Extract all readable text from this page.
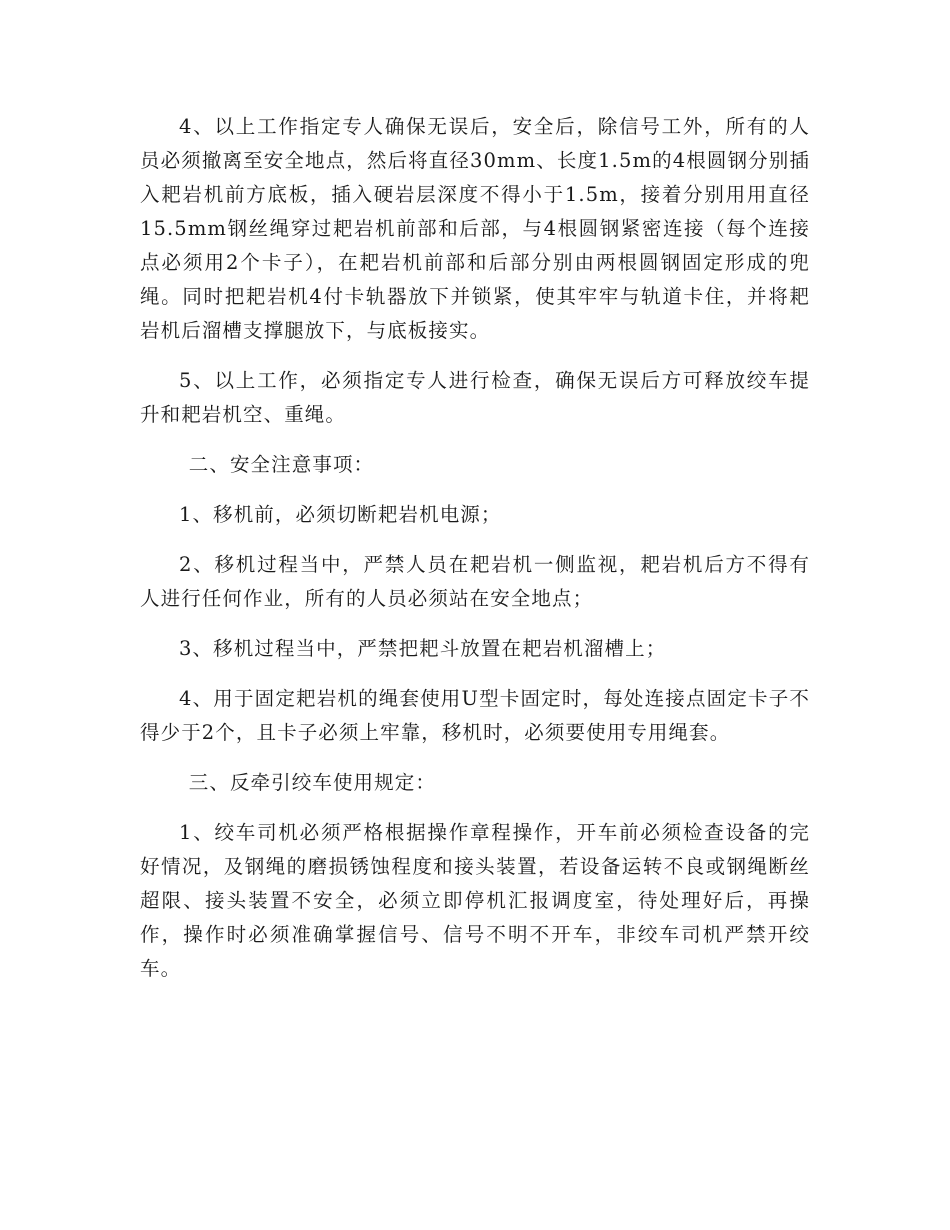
4、以上工作指定专人确保无误后，安全后，除信号工外，所有的人员必须撤离至安全地点，然后将直径30mm、长度1.5m的4根圆钢分别插入耙岩机前方底板，插入硬岩层深度不得小于1.5m，接着分别用用直径15.5mm钢丝绳穿过耙岩机前部和后部，与4根圆钢紧密连接（每个连接点必须用2个卡子），在耙岩机前部和后部分别由两根圆钢固定形成的兜绳。同时把耙岩机4付卡轨器放下并锁紧，使其牢牢与轨道卡住，并将耙岩机后溜槽支撑腿放下，与底板接实。

5、以上工作，必须指定专人进行检查，确保无误后方可释放绞车提升和耙岩机空、重绳。

二、安全注意事项：

1、移机前，必须切断耙岩机电源；

2、移机过程当中，严禁人员在耙岩机一侧监视，耙岩机后方不得有人进行任何作业，所有的人员必须站在安全地点；

3、移机过程当中，严禁把耙斗放置在耙岩机溜槽上；

4、用于固定耙岩机的绳套使用U型卡固定时，每处连接点固定卡子不得少于2个，且卡子必须上牢靠，移机时，必须要使用专用绳套。

三、反牵引绞车使用规定：

1、绞车司机必须严格根据操作章程操作，开车前必须检查设备的完好情况，及钢绳的磨损锈蚀程度和接头装置，若设备运转不良或钢绳断丝超限、接头装置不安全，必须立即停机汇报调度室，待处理好后，再操作，操作时必须准确掌握信号、信号不明不开车，非绞车司机严禁开绞车。
